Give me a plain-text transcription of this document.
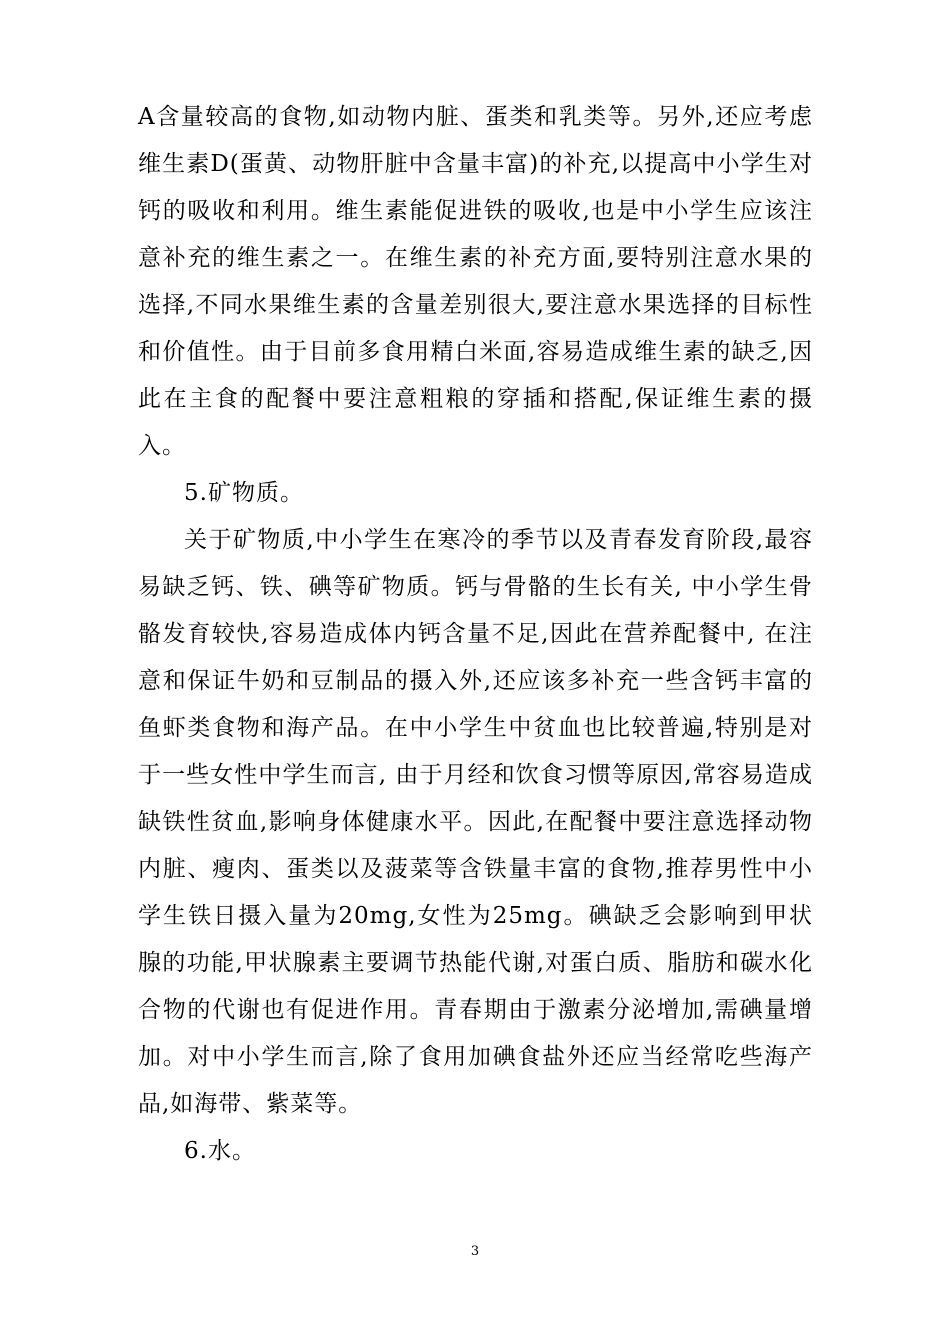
A含量较高的食物,如动物内脏、蛋类和乳类等。另外,还应考虑维生素D(蛋黄、动物肝脏中含量丰富)的补充,以提高中小学生对钙的吸收和利用。维生素能促进铁的吸收,也是中小学生应该注意补充的维生素之一。在维生素的补充方面,要特别注意水果的选择,不同水果维生素的含量差别很大,要注意水果选择的目标性和价值性。由于目前多食用精白米面,容易造成维生素的缺乏,因此在主食的配餐中要注意粗粮的穿插和搭配,保证维生素的摄入。

5.矿物质。

关于矿物质,中小学生在寒冷的季节以及青春发育阶段,最容易缺乏钙、铁、碘等矿物质。钙与骨骼的生长有关, 中小学生骨骼发育较快,容易造成体内钙含量不足,因此在营养配餐中, 在注意和保证牛奶和豆制品的摄入外,还应该多补充一些含钙丰富的鱼虾类食物和海产品。在中小学生中贫血也比较普遍,特别是对于一些女性中学生而言, 由于月经和饮食习惯等原因,常容易造成缺铁性贫血,影响身体健康水平。因此,在配餐中要注意选择动物内脏、瘦肉、蛋类以及菠菜等含铁量丰富的食物,推荐男性中小学生铁日摄入量为20mg,女性为25mg。碘缺乏会影响到甲状腺的功能,甲状腺素主要调节热能代谢,对蛋白质、脂肪和碳水化合物的代谢也有促进作用。青春期由于激素分泌增加,需碘量增加。对中小学生而言,除了食用加碘食盐外还应当经常吃些海产品,如海带、紫菜等。

6.水。

3
